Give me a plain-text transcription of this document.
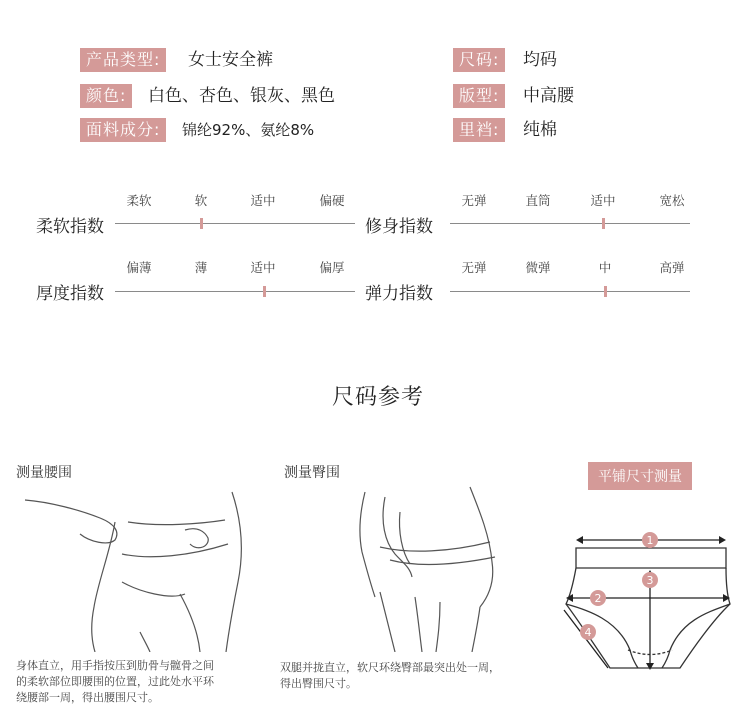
产品类型:	女士安全裤
颜色:	白色、杏色、银灰、黑色
面料成分:	锦纶92%、氨纶8%
尺码:	均码
版型:	中高腰
里裆:	纯棉
柔软	软	适中	偏硬
柔软指数
无弹	直筒	适中	宽松
修身指数
偏薄	薄	适中	偏厚
厚度指数
无弹	微弹	中	高弹
弹力指数
尺码参考
测量腰围
身体直立，用手指按压到肋骨与髋骨之间
的柔软部位即腰围的位置，过此处水平环
绕腰部一周，得出腰围尺寸。
测量臀围
双腿并拢直立，软尺环绕臀部最突出处一周，
得出臀围尺寸。
平铺尺寸测量
1
3
2
4
